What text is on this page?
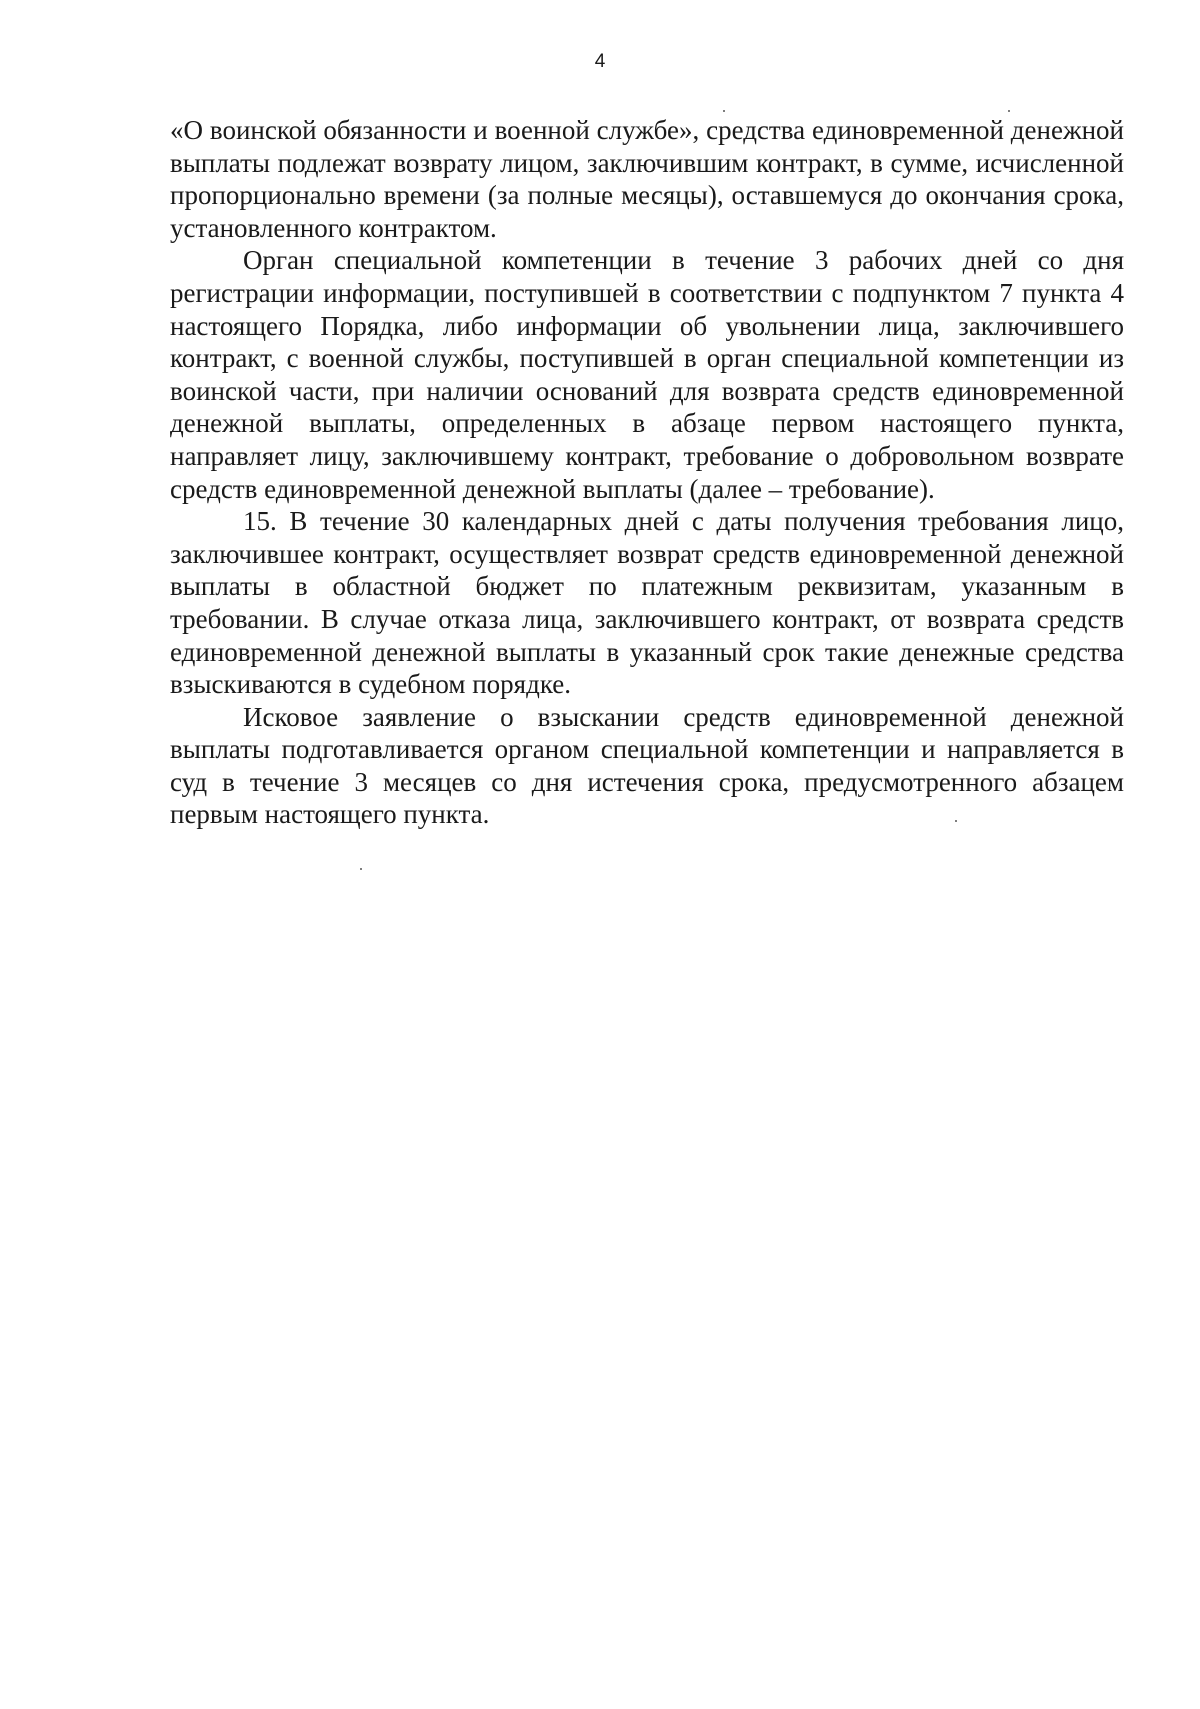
4

«О воинской обязанности и военной службе», средства единовременной денежной выплаты подлежат возврату лицом, заключившим контракт, в сумме, исчисленной пропорционально времени (за полные месяцы), оставшемуся до окончания срока, установленного контрактом.

Орган специальной компетенции в течение 3 рабочих дней со дня регистрации информации, поступившей в соответствии с подпунктом 7 пункта 4 настоящего Порядка, либо информации об увольнении лица, заключившего контракт, с военной службы, поступившей в орган специальной компетенции из воинской части, при наличии оснований для возврата средств единовременной денежной выплаты, определенных в абзаце первом настоящего пункта, направляет лицу, заключившему контракт, требование о добровольном возврате средств единовременной денежной выплаты (далее – требование).

15. В течение 30 календарных дней с даты получения требования лицо, заключившее контракт, осуществляет возврат средств единовременной денежной выплаты в областной бюджет по платежным реквизитам, указанным в требовании. В случае отказа лица, заключившего контракт, от возврата средств единовременной денежной выплаты в указанный срок такие денежные средства взыскиваются в судебном порядке.

Исковое заявление о взыскании средств единовременной денежной выплаты подготавливается органом специальной компетенции и направляется в суд в течение 3 месяцев со дня истечения срока, предусмотренного абзацем первым настоящего пункта.
